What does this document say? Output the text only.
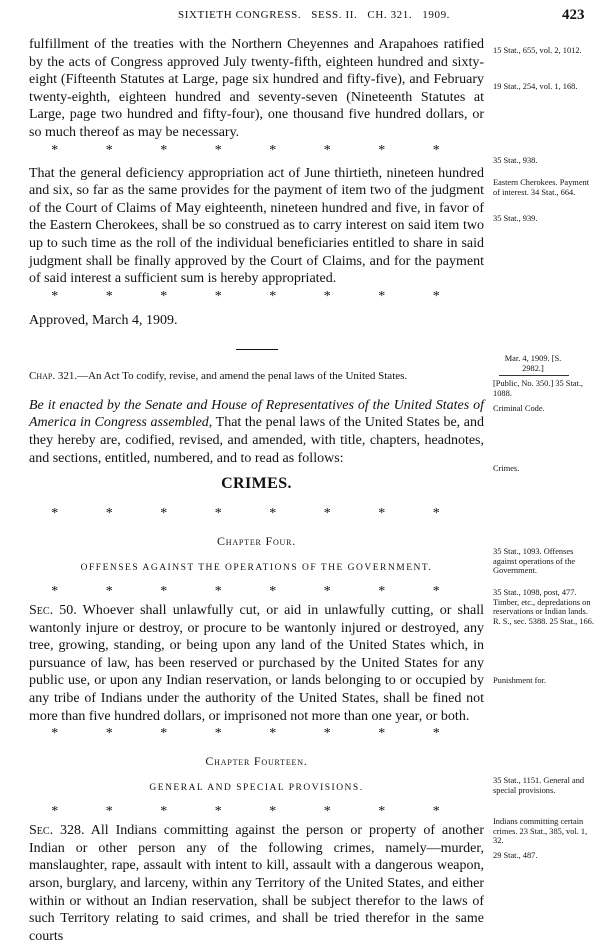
SIXTIETH CONGRESS.   SESS. II.   CH. 321.   1909.	423

fulfillment of the treaties with the Northern Cheyennes and Arapahoes ratified by the acts of Congress approved July twenty-fifth, eighteen hundred and sixty-eight (Fifteenth Statutes at Large, page six hundred and fifty-five), and February twenty-eighth, eighteen hundred and seventy-seven (Nineteenth Statutes at Large, page two hundred and fifty-four), one thousand five hundred dollars, or so much thereof as may be necessary.

* * * * * * * *

That the general deficiency appropriation act of June thirtieth, nineteen hundred and six, so far as the same provides for the payment of item two of the judgment of the Court of Claims of May eighteenth, nineteen hundred and five, in favor of the Eastern Cherokees, shall be so construed as to carry interest on said item two up to such time as the roll of the individual beneficiaries entitled to share in said judgment shall be finally approved by the Court of Claims, and for the payment of said interest a sufficient sum is hereby appropriated.

* * * * * * * *

Approved, March 4, 1909.

Chap. 321.—An Act To codify, revise, and amend the penal laws of the United States.

Be it enacted by the Senate and House of Representatives of the United States of America in Congress assembled, That the penal laws of the United States be, and they hereby are, codified, revised, and amended, with title, chapters, headnotes, and sections, entitled, numbered, and to read as follows:

CRIMES.
* * * * * * * *
Chapter Four.
OFFENSES AGAINST THE OPERATIONS OF THE GOVERNMENT.
* * * * * * * *

Sec. 50. Whoever shall unlawfully cut, or aid in unlawfully cutting, or shall wantonly injure or destroy, or procure to be wantonly injured or destroyed, any tree, growing, standing, or being upon any land of the United States which, in pursuance of law, has been reserved or purchased by the United States for any public use, or upon any Indian reservation, or lands belonging to or occupied by any tribe of Indians under the authority of the United States, shall be fined not more than five hundred dollars, or imprisoned not more than one year, or both.

* * * * * * * *
Chapter Fourteen.
GENERAL AND SPECIAL PROVISIONS.
* * * * * * * *

Sec. 328. All Indians committing against the person or property of another Indian or other person any of the following crimes, namely—murder, manslaughter, rape, assault with intent to kill, assault with a dangerous weapon, arson, burglary, and larceny, within any Territory of the United States, and either within or without an Indian reservation, shall be subject therefor to the laws of such Territory relating to said crimes, and shall be tried therefor in the same courts

15 Stat., 655, vol. 2, 1012.
19 Stat., 254, vol. 1, 168.
35 Stat., 938.
Eastern Cherokees. Payment of interest. 34 Stat., 664.
35 Stat., 939.
Mar. 4, 1909. [S. 2982.]
[Public, No. 350.] 35 Stat., 1088.
Criminal Code.
Crimes.
35 Stat., 1093. Offenses against operations of the Government.
35 Stat., 1098, post, 477. Timber, etc., depredations on reservations or Indian lands. R. S., sec. 5388. 25 Stat., 166.
Punishment for.
35 Stat., 1151. General and special provisions.
Indians committing certain crimes. 23 Stat., 385, vol. 1, 32.
29 Stat., 487.
